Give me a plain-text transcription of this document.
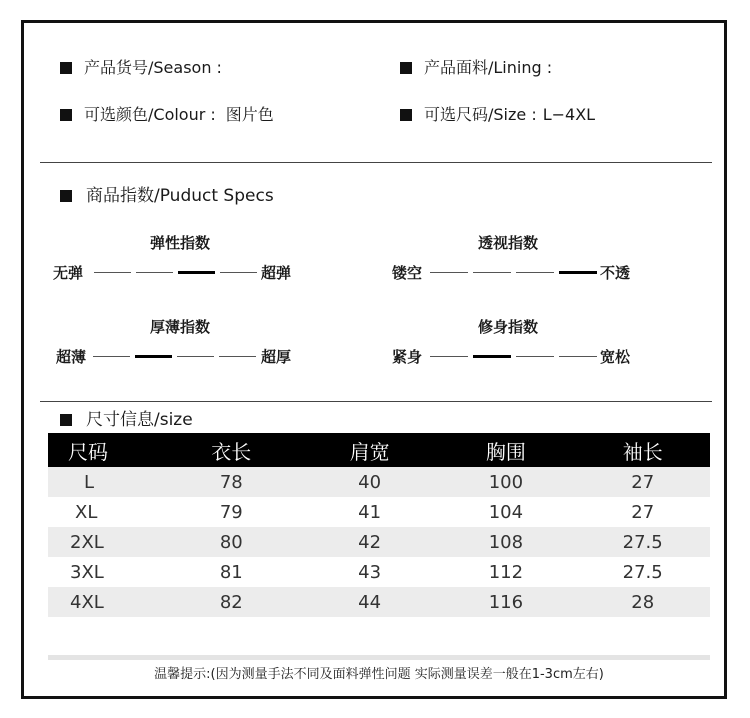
产品货号/Season :	产品面料/Lining :
可选颜色/Colour : 图片色	可选尺码/Size : L−4XL
商品指数/Puduct Specs
弹性指数
无弹	超弹
透视指数
镂空	不透
厚薄指数
超薄	超厚
修身指数
紧身	宽松
尺寸信息/size
尺码	衣长	肩宽	胸围	袖长
L	78	40	100	27
XL	79	41	104	27
2XL	80	42	108	27.5
3XL	81	43	112	27.5
4XL	82	44	116	28
温馨提示:(因为测量手法不同及面料弹性问题 实际测量误差一般在1-3cm左右)
